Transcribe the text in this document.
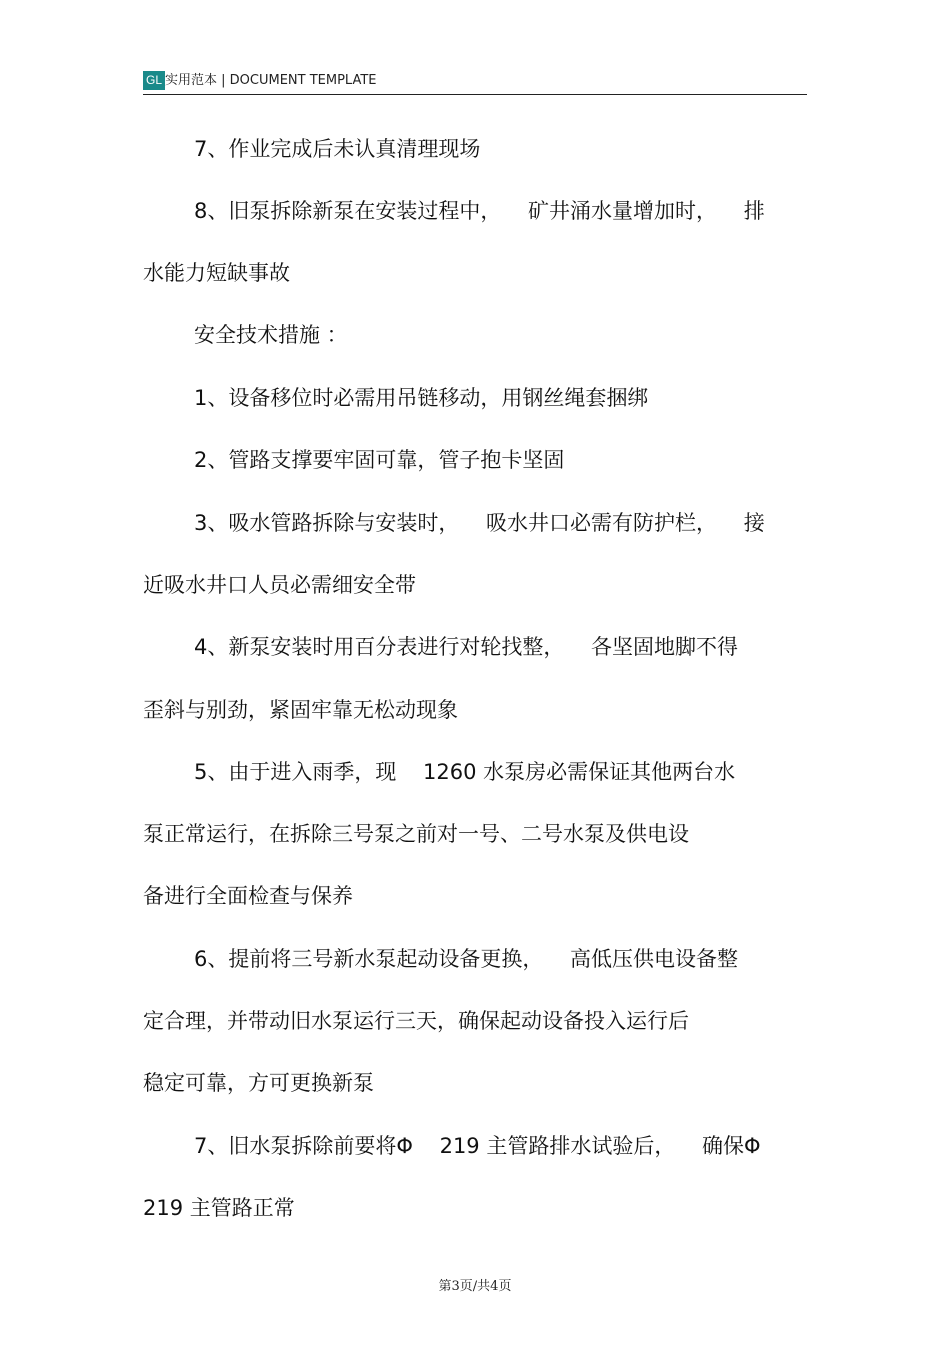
GL 实用范本 | DOCUMENT TEMPLATE
7、作业完成后未认真清理现场
8、旧泵拆除新泵在安装过程中，    矿井涌水量增加时，    排
水能力短缺事故
安全技术措施 ：
1、设备移位时必需用吊链移动，用钢丝绳套捆绑
2、管路支撑要牢固可靠，管子抱卡坚固
3、吸水管路拆除与安装时，    吸水井口必需有防护栏，    接
近吸水井口人员必需细安全带
4、新泵安装时用百分表进行对轮找整，    各坚固地脚不得
歪斜与别劲，紧固牢靠无松动现象
5、由于进入雨季，现    1260 水泵房必需保证其他两台水
泵正常运行，在拆除三号泵之前对一号、二号水泵及供电设
备进行全面检查与保养
6、提前将三号新水泵起动设备更换，    高低压供电设备整
定合理，并带动旧水泵运行三天，确保起动设备投入运行后
稳定可靠，方可更换新泵
7、旧水泵拆除前要将Φ    219 主管路排水试验后，    确保Φ
219 主管路正常
第3页/共4页
